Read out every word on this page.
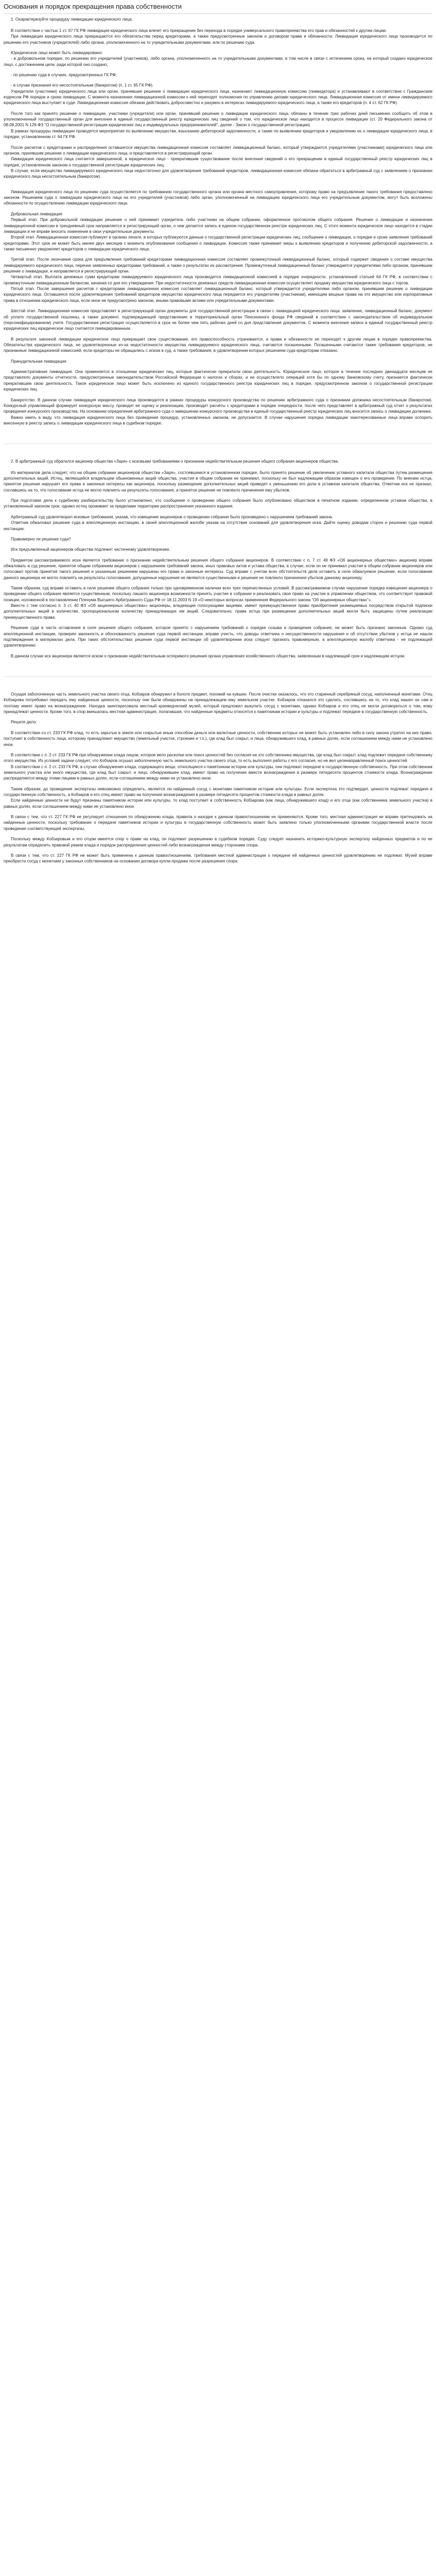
Основания и порядок прекращения права собственности

1. Охарактеризуйте процедуру ликвидации юридического лица.

В соответствии с частью 1 ст. 67 ГК РФ ликвидация юридического лица влечет его прекращение без перехода в порядке универсального правопреемства его прав и обязанностей к другим лицам.

При ликвидации юридического лица прекращаются его обязательства перед кредиторами, а также предусмотренные законом и договором права и обязанности. Ликвидация юридического лица производится по решению его участников (учредителей) либо органа, уполномоченного на то учредительными документами, или по решению суда.

Юридическое лицо может быть ликвидировано:

- в добровольном порядке, по решению его учредителей (участников), либо органа, уполномоченного на то учредительными документами, в том числе в связи с истечением срока, на который создано юридическое лицо, с достижением цели, ради которой оно создано;

- по решению суда в случаях, предусмотренных ГК РФ;

- в случае признания его несостоятельным (банкротом) (п. 1 ст. 65 ГК РФ).

Учредители (участники) юридического лица или орган, принявшие решение о ликвидации юридического лица, назначают ликвидационную комиссию (ликвидатора) и устанавливают в соответствии с Гражданским кодексом РФ порядок и сроки ликвидации. С момента назначения ликвидационной комиссии к ней переходят полномочия по управлению делами юридического лица. Ликвидационная комиссия от имени ликвидируемого юридического лица выступает в суде. Ликвидационная комиссия обязана действовать добросовестно и разумно в интересах ликвидируемого юридического лица, а также его кредиторов (п. 4 ст. 62 ГК РФ).

После того как принято решение о ликвидации, участники (учредители) или орган, принявший решение о ликвидации юридического лица, обязаны в течение трех рабочих дней письменно сообщить об этом в уполномоченный государственный орган для внесения в единый государственный реестр юридических лиц сведений о том, что юридическое лицо находится в процессе ликвидации (ст. 20 Федерального закона от 08.08.2001 N 129-ФЗ "О государственной регистрации юридических лиц и индивидуальных предпринимателей", далее - Закон о государственной регистрации).

В рамках процедуры ликвидации проводятся мероприятия по выявлению имущества, взысканию дебиторской задолженности, а также по выявлению кредиторов и уведомлению их о ликвидации юридического лица, в порядке, установленном ст. 64 ГК РФ.

После расчетов с кредиторами и распределения оставшегося имущества ликвидационная комиссия составляет ликвидационный баланс, который утверждается учредителями (участниками) юридического лица или органом, принявшим решение о ликвидации юридического лица, и представляется в регистрирующий орган.

Ликвидация юридического лица считается завершенной, а юридическое лицо - прекратившим существование после внесения сведений о его прекращении в единый государственный реестр юридических лиц в порядке, установленном законом о государственной регистрации юридических лиц.

В случае, если имущество ликвидируемого юридического лица недостаточно для удовлетворения требований кредиторов, ликвидационная комиссия обязана обратиться в арбитражный суд с заявлением о признании юридического лица несостоятельным (банкротом).

Ликвидация юридического лица по решению суда осуществляется по требованию государственного органа или органа местного самоуправления, которому право на предъявление такого требования предоставлено законом. Решением суда о ликвидации юридического лица на его учредителей (участников) либо орган, уполномоченный на ликвидацию юридического лица его учредительным документом, могут быть возложены обязанности по осуществлению ликвидации юридического лица.

Добровольная ликвидация

Первый этап. При добровольной ликвидации решение о ней принимает учредитель либо участники на общем собрании, оформленное протоколом общего собрания. Решение о ликвидации и назначении ликвидационной комиссии в трехдневный срок направляется в регистрирующий орган, о чем делается запись в едином государственном реестре юридических лиц. С этого момента юридическое лицо находится в стадии ликвидации и не вправе вносить изменения в свои учредительные документы.

Второй этап. Ликвидационная комиссия публикует в органах печати, в которых публикуются данные о государственной регистрации юридических лиц, сообщение о ликвидации, о порядке и сроке заявления требований кредиторами. Этот срок не может быть менее двух месяцев с момента опубликования сообщения о ликвидации. Комиссия также принимает меры к выявлению кредиторов и получению дебиторской задолженности, а также письменно уведомляет кредиторов о ликвидации юридического лица.

Третий этап. После окончания срока для предъявления требований кредиторами ликвидационная комиссия составляет промежуточный ликвидационный баланс, который содержит сведения о составе имущества ликвидируемого юридического лица, перечне заявленных кредиторами требований, а также о результатах их рассмотрения. Промежуточный ликвидационный баланс утверждается учредителями либо органом, принявшим решение о ликвидации, и направляется в регистрирующий орган.

Четвертый этап. Выплата денежных сумм кредиторам ликвидируемого юридического лица производится ликвидационной комиссией в порядке очередности, установленной статьей 64 ГК РФ, в соответствии с промежуточным ликвидационным балансом, начиная со дня его утверждения. При недостаточности денежных средств ликвидационная комиссия осуществляет продажу имущества юридического лица с торгов.

Пятый этап. После завершения расчетов с кредиторами ликвидационная комиссия составляет ликвидационный баланс, который утверждается учредителями либо органом, принявшим решение о ликвидации юридического лица. Оставшееся после удовлетворения требований кредиторов имущество юридического лица передается его учредителям (участникам), имеющим вещные права на это имущество или корпоративные права в отношении юридического лица, если иное не предусмотрено законом, иными правовыми актами или учредительными документами.

Шестой этап. Ликвидационная комиссия представляет в регистрирующий орган документы для государственной регистрации в связи с ликвидацией юридического лица: заявление, ликвидационный баланс, документ об уплате государственной пошлины, а также документ, подтверждающий представление в территориальный орган Пенсионного фонда РФ сведений в соответствии с законодательством об индивидуальном (персонифицированном) учете. Государственная регистрация осуществляется в срок не более чем пять рабочих дней со дня представления документов. С момента внесения записи в единый государственный реестр юридических лиц юридическое лицо считается ликвидированным.

В результате законной ликвидации юридическое лицо прекращает свое существование, его правоспособность утрачивается, а права и обязанности не переходят к другим лицам в порядке правопреемства. Обязательства юридического лица, не удовлетворенные из-за недостаточности имущества ликвидируемого юридического лица, считаются погашенными. Погашенными считаются также требования кредиторов, не признанные ликвидационной комиссией, если кредиторы не обращались с иском в суд, а также требования, в удовлетворении которых решением суда кредиторам отказано.

Принудительная ликвидация

Административная ликвидация. Она применяется в отношении юридических лиц, которые фактически прекратили свою деятельность. Юридическое лицо, которое в течение последних двенадцати месяцев не представляло документы отчетности, предусмотренные законодательством Российской Федерации о налогах и сборах, и не осуществляло операций хотя бы по одному банковскому счету, признается фактически прекратившим свою деятельность. Такое юридическое лицо может быть исключено из единого государственного реестра юридических лиц в порядке, предусмотренном законом о государственной регистрации юридических лиц.

Банкротство. В данном случае ликвидация юридического лица производится в рамках процедуры конкурсного производства по решению арбитражного суда о признании должника несостоятельным (банкротом). Конкурсный управляющий формирует конкурсную массу, проводит ее оценку и реализацию, производит расчеты с кредиторами в порядке очередности, после чего представляет в арбитражный суд отчет о результатах проведения конкурсного производства. На основании определения арбитражного суда о завершении конкурсного производства в единый государственный реестр юридических лиц вносится запись о ликвидации должника.

Важно иметь в виду, что ликвидация юридического лица без проведения процедур, установленных законом, не допускается. В случае нарушения порядка ликвидации заинтересованные лица вправе оспорить внесенную в реестр запись о ликвидации юридического лица в судебном порядке.

2. В арбитражный суд обратился акционер общества «Заря» с исковыми требованиями о признании недействительным решения общего собрания акционеров общества.

Из материалов дела следует, что на общем собрании акционеров общества «Заря», состоявшемся в установленном порядке, было принято решение об увеличении уставного капитала общества путем размещения дополнительных акций. Истец, являющийся владельцем обыкновенных акций общества, участия в общем собрании не принимал, поскольку не был надлежащим образом извещен о его проведении. По мнению истца, принятое решение нарушает его права и законные интересы как акционера, поскольку размещение дополнительных акций приведет к уменьшению его доли в уставном капитале общества. Ответчик иск не признал, сославшись на то, что голосование истца не могло повлиять на результаты голосования, а принятое решение не повлекло причинения ему убытков.

При подготовке дела к судебному разбирательству было установлено, что сообщение о проведении общего собрания было опубликовано обществом в печатном издании, определенном уставом общества, в установленный законом срок, однако истец проживает за пределами территории распространения указанного издания.

Арбитражный суд удовлетворил исковые требования, указав, что извещение акционеров о проведении собрания было произведено с нарушением требований закона.

Ответчик обжаловал решение суда в апелляционную инстанцию, в своей апелляционной жалобе указав на отсутствие оснований для удовлетворения иска. Дайте оценку доводам сторон и решению суда первой инстанции.

Правомерно ли решение суда?

Иск предъявленный акционером общества подлежит частичному удовлетворению.

Предметом рассматриваемого иска является требование о признании недействительным решения общего собрания акционеров. В соответствии с п. 7 ст. 49 ФЗ «Об акционерных обществах» акционер вправе обжаловать в суд решение, принятое общим собранием акционеров с нарушением требований закона, иных правовых актов и устава общества, в случае, если он не принимал участия в общем собрании акционеров или голосовал против принятия такого решения и указанным решением нарушены его права и законные интересы. Суд вправе с учетом всех обстоятельств дела оставить в силе обжалуемое решение, если голосование данного акционера не могло повлиять на результаты голосования, допущенные нарушения не являются существенными и решение не повлекло причинения убытков данному акционеру.

Таким образом, суд вправе оставить в силе решение общего собрания только при одновременном наличии всех трех перечисленных условий. В рассматриваемом случае нарушение порядка извещения акционера о проведении общего собрания является существенным, поскольку лишило акционера возможности принять участие в собрании и реализовать свое право на участие в управлении обществом, что соответствует правовой позиции, изложенной в постановлении Пленума Высшего Арбитражного Суда РФ от 18.11.2003 N 19 «О некоторых вопросах применения Федерального закона "Об акционерных обществах"».

Вместе с тем согласно п. 3 ст. 40 ФЗ «Об акционерных обществах» акционеры, владеющие голосующими акциями, имеют преимущественное право приобретения размещаемых посредством открытой подписки дополнительных акций в количестве, пропорциональном количеству принадлежащих им акций. Следовательно, права истца при размещении дополнительных акций могли быть защищены путем реализации преимущественного права.

Решение суда в части оставления в силе решения общего собрания, которое принято с нарушением требований о порядке созыва и проведения собрания, не может быть признано законным. Однако суд апелляционной инстанции, проверяя законность и обоснованность решения суда первой инстанции, вправе учесть, что доводы ответчика о несущественности нарушения и об отсутствии убытков у истца не нашли подтверждения в материалах дела. При таких обстоятельствах решение суда первой инстанции об удовлетворении иска следует признать правомерным, а апелляционную жалобу ответчика - не подлежащей удовлетворению.

В данном случае иск акционера является иском о признании недействительным оспоримого решения органа управления хозяйственного общества, заявленным в надлежащий срок и надлежащим истцом.

Осущая заболоченную часть земельного участка своего отца, Кобзаров обнаружил в болоте предмет, похожий на кувшин. После очистки оказалось, что это старинный серебряный сосуд, наполненный монетами. Отец Кобзарова потребовал передать ему найденные ценности, поскольку они были обнаружены на принадлежащем ему земельном участке. Кобзаров отказался это сделать, сославшись на то, что клад нашел он сам и поэтому имеет право на вознаграждение. Находка заинтересовала местный краеведческий музей, который предложил выкупить сосуд с монетами, однако Кобзаров и его отец не могли договориться о том, кому принадлежат ценности. Кроме того, в спор вмешалась местная администрация, полагавшая, что найденные предметы относятся к памятникам истории и культуры и подлежат передаче в государственную собственность.

Решите дело.

В соответствии со ст. 233 ГК РФ клад, то есть зарытые в земле или сокрытые иным способом деньги или валютные ценности, собственник которых не может быть установлен либо в силу закона утратил на них право, поступает в собственность лица, которому принадлежит имущество (земельный участок, строение и т.п.), где клад был сокрыт, и лица, обнаружившего клад, в равных долях, если соглашением между ними не установлено иное.

В соответствии с п. 2 ст. 233 ГК РФ при обнаружении клада лицом, которое вело раскопки или поиск ценностей без согласия на это собственника имущества, где клад был сокрыт, клад подлежит передаче собственнику этого имущества. Из условий задачи следует, что Кобзаров осушал заболоченную часть земельного участка своего отца, то есть выполнял работы с его согласия, но не вел целенаправленный поиск ценностей.

В соответствии с п. 2 ст. 233 ГК РФ, в случае обнаружения клада, содержащего вещи, относящиеся к памятникам истории или культуры, они подлежат передаче в государственную собственность. При этом собственник земельного участка или иного имущества, где клад был сокрыт, и лицо, обнаружившее клад, имеют право на получение вместе вознаграждения в размере пятидесяти процентов стоимости клада. Вознаграждение распределяется между этими лицами в равных долях, если соглашением между ними не установлено иное.

Таким образом, до проведения экспертизы невозможно определить, является ли найденный сосуд с монетами памятником истории или культуры. Если экспертиза это подтвердит, ценности подлежат передаче в государственную собственность, а Кобзаров и его отец имеют право на получение вознаграждения в размере пятидесяти процентов стоимости клада в равных долях.

Если найденные ценности не будут признаны памятником истории или культуры, то клад поступает в собственность Кобзарова (как лица, обнаружившего клад) и его отца (как собственника земельного участка) в равных долях, если соглашением между ними не установлено иное.

В связи с тем, что ст. 227 ГК РФ не регулирует отношения по обнаружению клада, правила о находке к данным правоотношениям не применяются. Кроме того, местная администрация не вправе претендовать на найденные ценности, поскольку требование о передаче памятников истории и культуры в государственную собственность может быть заявлено только уполномоченными органами государственной власти после проведения соответствующей экспертизы.

Поскольку между Кобзаровым и его отцом имеется спор о праве на клад, он подлежит разрешению в судебном порядке. Суду следует назначить историко-культурную экспертизу найденных предметов и по ее результатам определить правовой режим клада и порядок распределения ценностей либо вознаграждения между сторонами спора.

В связи с тем, что ст. 227 ГК РФ не может быть применена к данным правоотношениям, требования местной администрации о передаче ей найденных ценностей удовлетворению не подлежат. Музей вправе приобрести сосуд с монетами у законных собственников на основании договора купли-продажи после разрешения спора.
